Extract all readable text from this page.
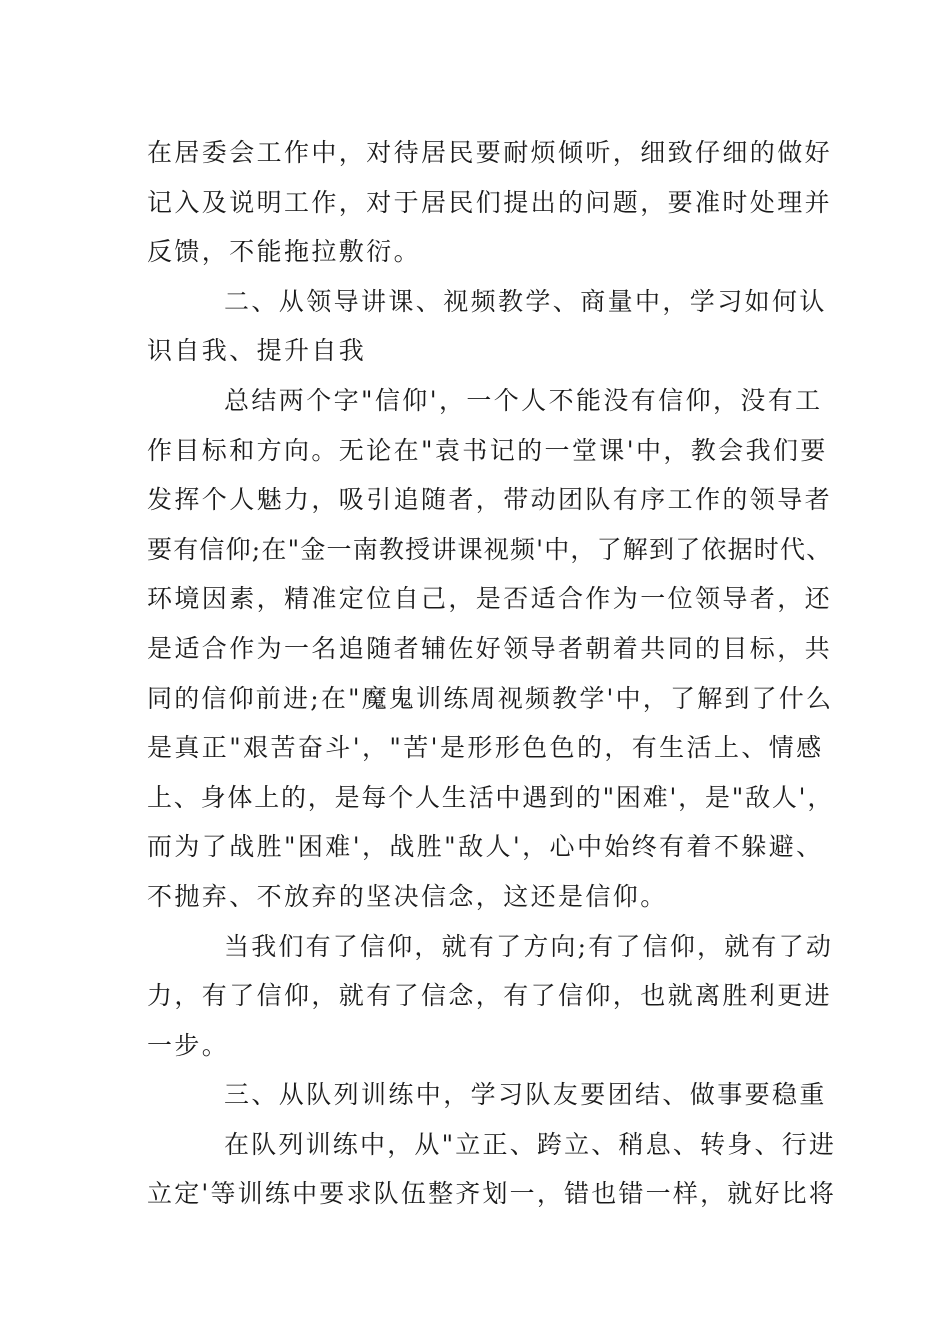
在居委会工作中，对待居民要耐烦倾听，细致仔细的做好
记入及说明工作，对于居民们提出的问题，要准时处理并
反馈，不能拖拉敷衍。
二、从领导讲课、视频教学、商量中，学习如何认
识自我、提升自我
总结两个字"信仰'，一个人不能没有信仰，没有工
作目标和方向。无论在"袁书记的一堂课'中，教会我们要
发挥个人魅力，吸引追随者，带动团队有序工作的领导者
要有信仰;在"金一南教授讲课视频'中，了解到了依据时代、
环境因素，精准定位自己，是否适合作为一位领导者，还
是适合作为一名追随者辅佐好领导者朝着共同的目标，共
同的信仰前进;在"魔鬼训练周视频教学'中，了解到了什么
是真正"艰苦奋斗'，"苦'是形形色色的，有生活上、情感
上、身体上的，是每个人生活中遇到的"困难'，是"敌人'，
而为了战胜"困难'，战胜"敌人'，心中始终有着不躲避、
不抛弃、不放弃的坚决信念，这还是信仰。
当我们有了信仰，就有了方向;有了信仰，就有了动
力，有了信仰，就有了信念，有了信仰，也就离胜利更进
一步。
三、从队列训练中，学习队友要团结、做事要稳重
在队列训练中，从"立正、跨立、稍息、转身、行进
立定'等训练中要求队伍整齐划一，错也错一样，就好比将
